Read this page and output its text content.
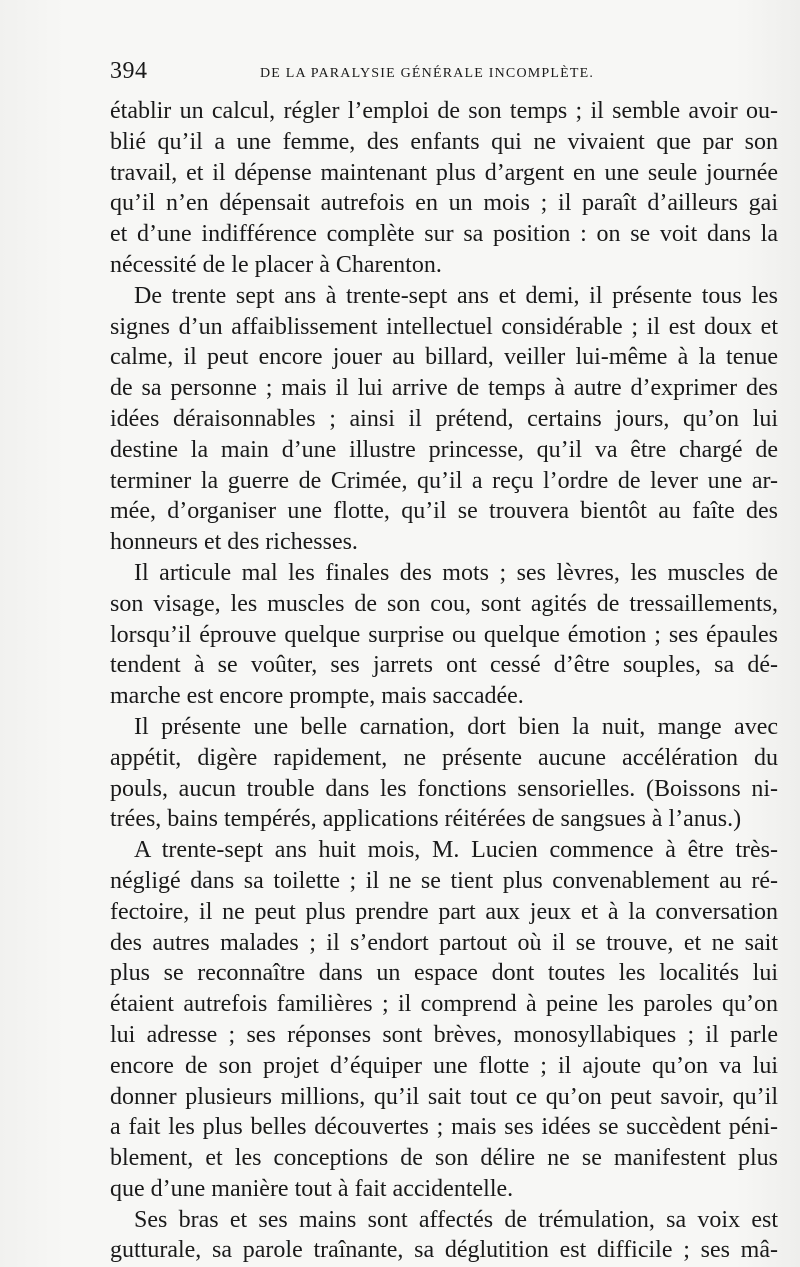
394	DE LA PARALYSIE GÉNÉRALE INCOMPLÈTE.
établir un calcul, régler l’emploi de son temps ; il semble avoir ou-
blié qu’il a une femme, des enfants qui ne vivaient que par son
travail, et il dépense maintenant plus d’argent en une seule journée
qu’il n’en dépensait autrefois en un mois ; il paraît d’ailleurs gai
et d’une indifférence complète sur sa position : on se voit dans la
nécessité de le placer à Charenton.
De trente sept ans à trente-sept ans et demi, il présente tous les
signes d’un affaiblissement intellectuel considérable ; il est doux et
calme, il peut encore jouer au billard, veiller lui-même à la tenue
de sa personne ; mais il lui arrive de temps à autre d’exprimer des
idées déraisonnables ; ainsi il prétend, certains jours, qu’on lui
destine la main d’une illustre princesse, qu’il va être chargé de
terminer la guerre de Crimée, qu’il a reçu l’ordre de lever une ar-
mée, d’organiser une flotte, qu’il se trouvera bientôt au faîte des
honneurs et des richesses.
Il articule mal les finales des mots ; ses lèvres, les muscles de
son visage, les muscles de son cou, sont agités de tressaillements,
lorsqu’il éprouve quelque surprise ou quelque émotion ; ses épaules
tendent à se voûter, ses jarrets ont cessé d’être souples, sa dé-
marche est encore prompte, mais saccadée.
Il présente une belle carnation, dort bien la nuit, mange avec
appétit, digère rapidement, ne présente aucune accélération du
pouls, aucun trouble dans les fonctions sensorielles. (Boissons ni-
trées, bains tempérés, applications réitérées de sangsues à l’anus.)
A trente-sept ans huit mois, M. Lucien commence à être très-
négligé dans sa toilette ; il ne se tient plus convenablement au ré-
fectoire, il ne peut plus prendre part aux jeux et à la conversation
des autres malades ; il s’endort partout où il se trouve, et ne sait
plus se reconnaître dans un espace dont toutes les localités lui
étaient autrefois familières ; il comprend à peine les paroles qu’on
lui adresse ; ses réponses sont brèves, monosyllabiques ; il parle
encore de son projet d’équiper une flotte ; il ajoute qu’on va lui
donner plusieurs millions, qu’il sait tout ce qu’on peut savoir, qu’il
a fait les plus belles découvertes ; mais ses idées se succèdent péni-
blement, et les conceptions de son délire ne se manifestent plus
que d’une manière tout à fait accidentelle.
Ses bras et ses mains sont affectés de trémulation, sa voix est
gutturale, sa parole traînante, sa déglutition est difficile ; ses mâ-
